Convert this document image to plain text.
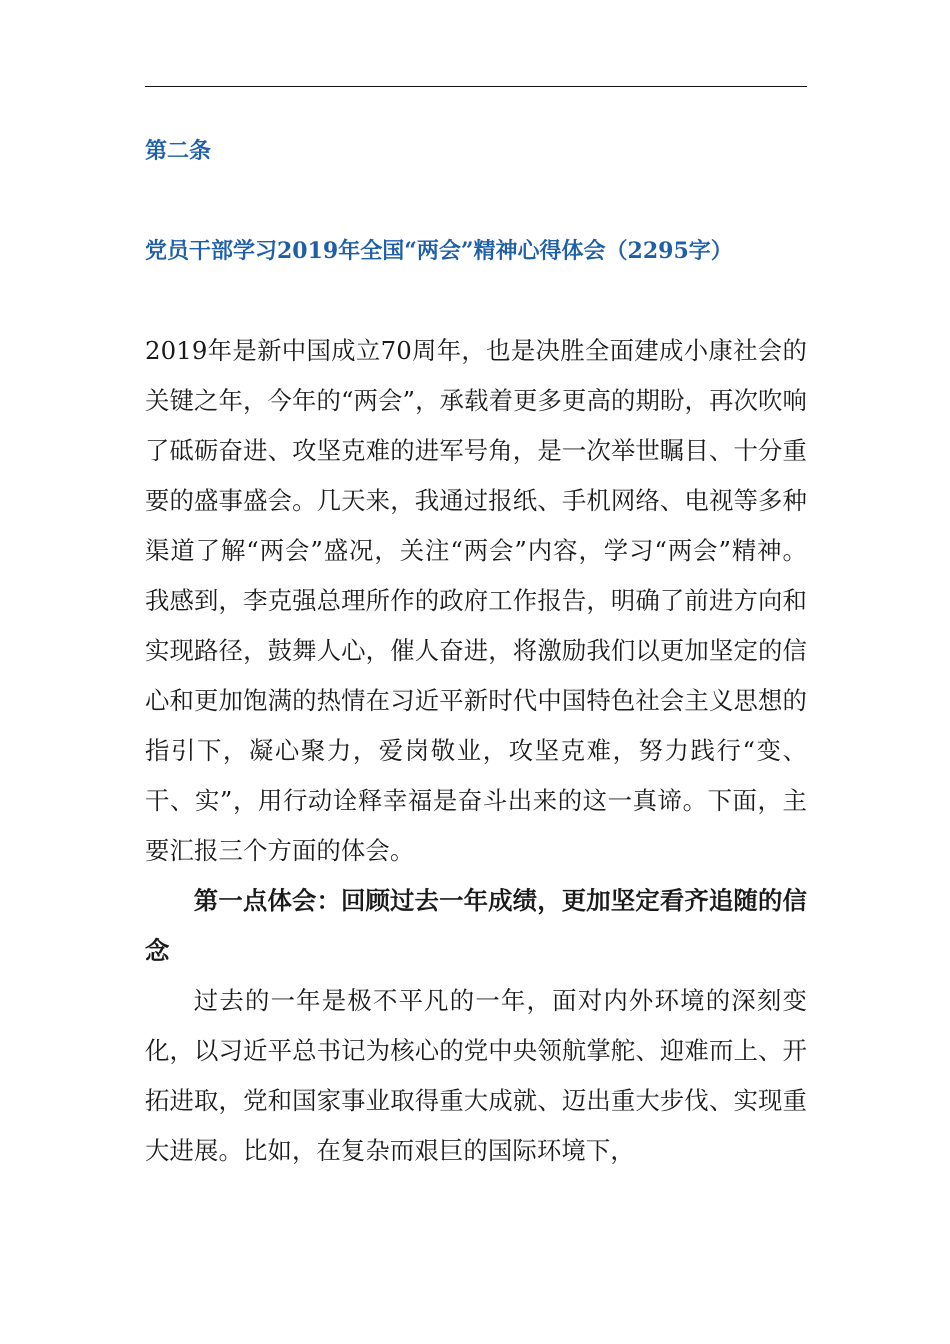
第二条
党员干部学习2019年全国“两会”精神心得体会（2295字）

2019年是新中国成立70周年，也是决胜全面建成小康社会的关键之年，今年的“两会”，承载着更多更高的期盼，再次吹响了砥砺奋进、攻坚克难的进军号角，是一次举世瞩目、十分重要的盛事盛会。几天来，我通过报纸、手机网络、电视等多种渠道了解“两会”盛况，关注“两会”内容，学习“两会”精神。我感到，李克强总理所作的政府工作报告，明确了前进方向和实现路径，鼓舞人心，催人奋进，将激励我们以更加坚定的信心和更加饱满的热情在习近平新时代中国特色社会主义思想的指引下，凝心聚力，爱岗敬业，攻坚克难，努力践行“变、干、实”，用行动诠释幸福是奋斗出来的这一真谛。下面，主要汇报三个方面的体会。

第一点体会：回顾过去一年成绩，更加坚定看齐追随的信念

过去的一年是极不平凡的一年，面对内外环境的深刻变化，以习近平总书记为核心的党中央领航掌舵、迎难而上、开拓进取，党和国家事业取得重大成就、迈出重大步伐、实现重大进展。比如，在复杂而艰巨的国际环境下，
